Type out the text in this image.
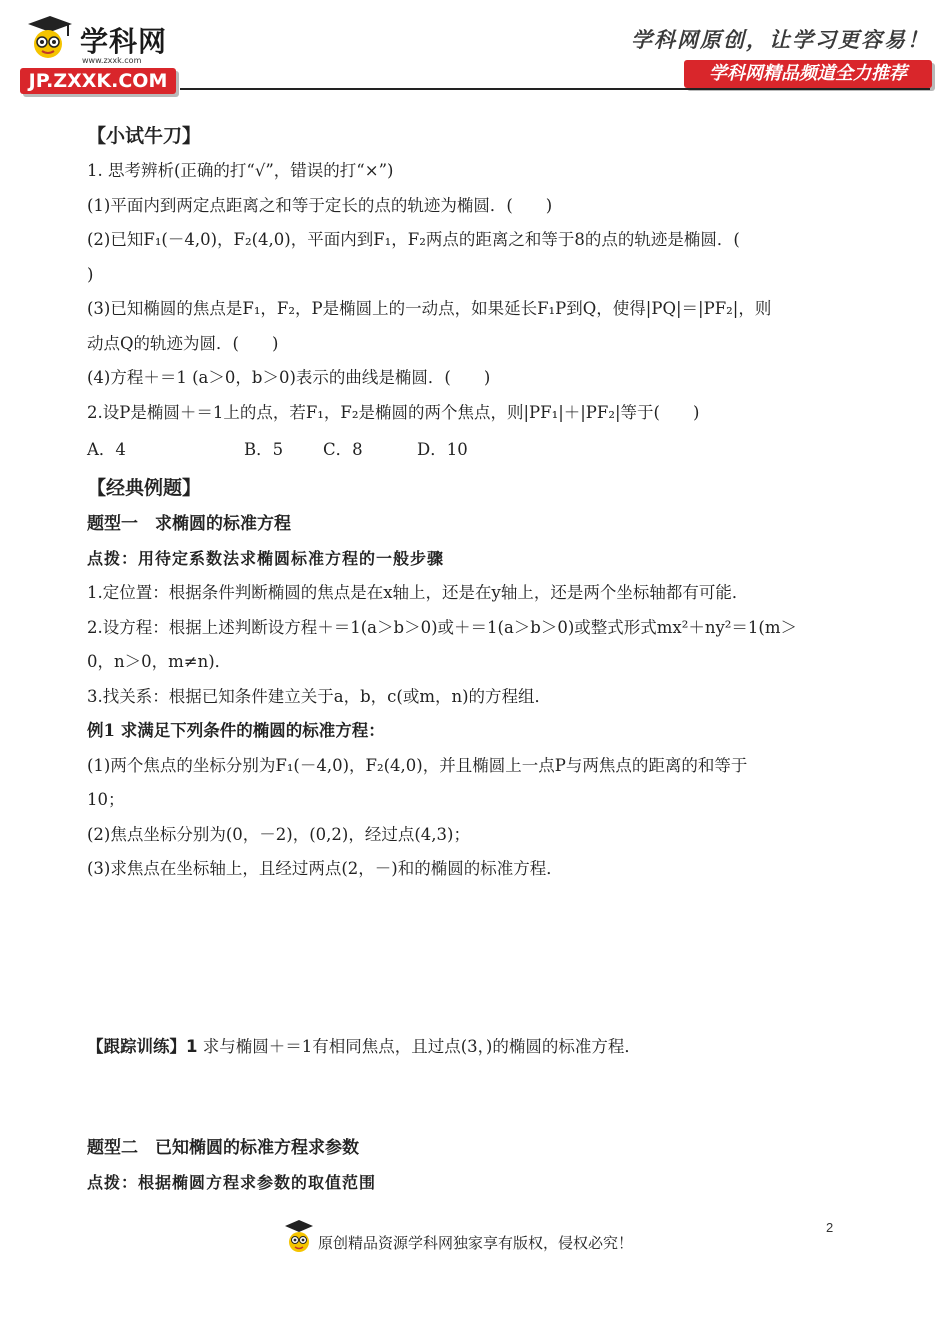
学科网
www.zxxk.com
JP.ZXXK.COM
学科网原创，让学习更容易！
学科网精品频道全力推荐
【小试牛刀】

1. 思考辨析(正确的打“√”，错误的打“×”)

(1)平面内到两定点距离之和等于定长的点的轨迹为椭圆．(　　)

(2)已知F₁(－4,0)，F₂(4,0)，平面内到F₁，F₂两点的距离之和等于8的点的轨迹是椭圆．(

)

(3)已知椭圆的焦点是F₁，F₂，P是椭圆上的一动点，如果延长F₁P到Q，使得|PQ|＝|PF₂|，则

动点Q的轨迹为圆．(　　)

(4)方程＋＝1 (a＞0，b＞0)表示的曲线是椭圆．(　　)

2.设P是椭圆＋＝1上的点，若F₁，F₂是椭圆的两个焦点，则|PF₁|＋|PF₂|等于(　　)

A．4	B．5	C．8	D．10
【经典例题】
题型一　求椭圆的标准方程
点拨：用待定系数法求椭圆标准方程的一般步骤

1.定位置：根据条件判断椭圆的焦点是在x轴上，还是在y轴上，还是两个坐标轴都有可能．

2.设方程：根据上述判断设方程＋＝1(a＞b＞0)或＋＝1(a＞b＞0)或整式形式mx²＋ny²＝1(m＞

0，n＞0，m≠n)．

3.找关系：根据已知条件建立关于a，b，c(或m，n)的方程组．

例1 求满足下列条件的椭圆的标准方程：

(1)两个焦点的坐标分别为F₁(－4,0)，F₂(4,0)，并且椭圆上一点P与两焦点的距离的和等于

10；

(2)焦点坐标分别为(0，－2)，(0,2)，经过点(4,3)；

(3)求焦点在坐标轴上，且经过两点(2，－)和的椭圆的标准方程．

【跟踪训练】1 求与椭圆＋＝1有相同焦点，且过点(3，)的椭圆的标准方程．

题型二　已知椭圆的标准方程求参数
点拨：根据椭圆方程求参数的取值范围
2
原创精品资源学科网独家享有版权，侵权必究！
